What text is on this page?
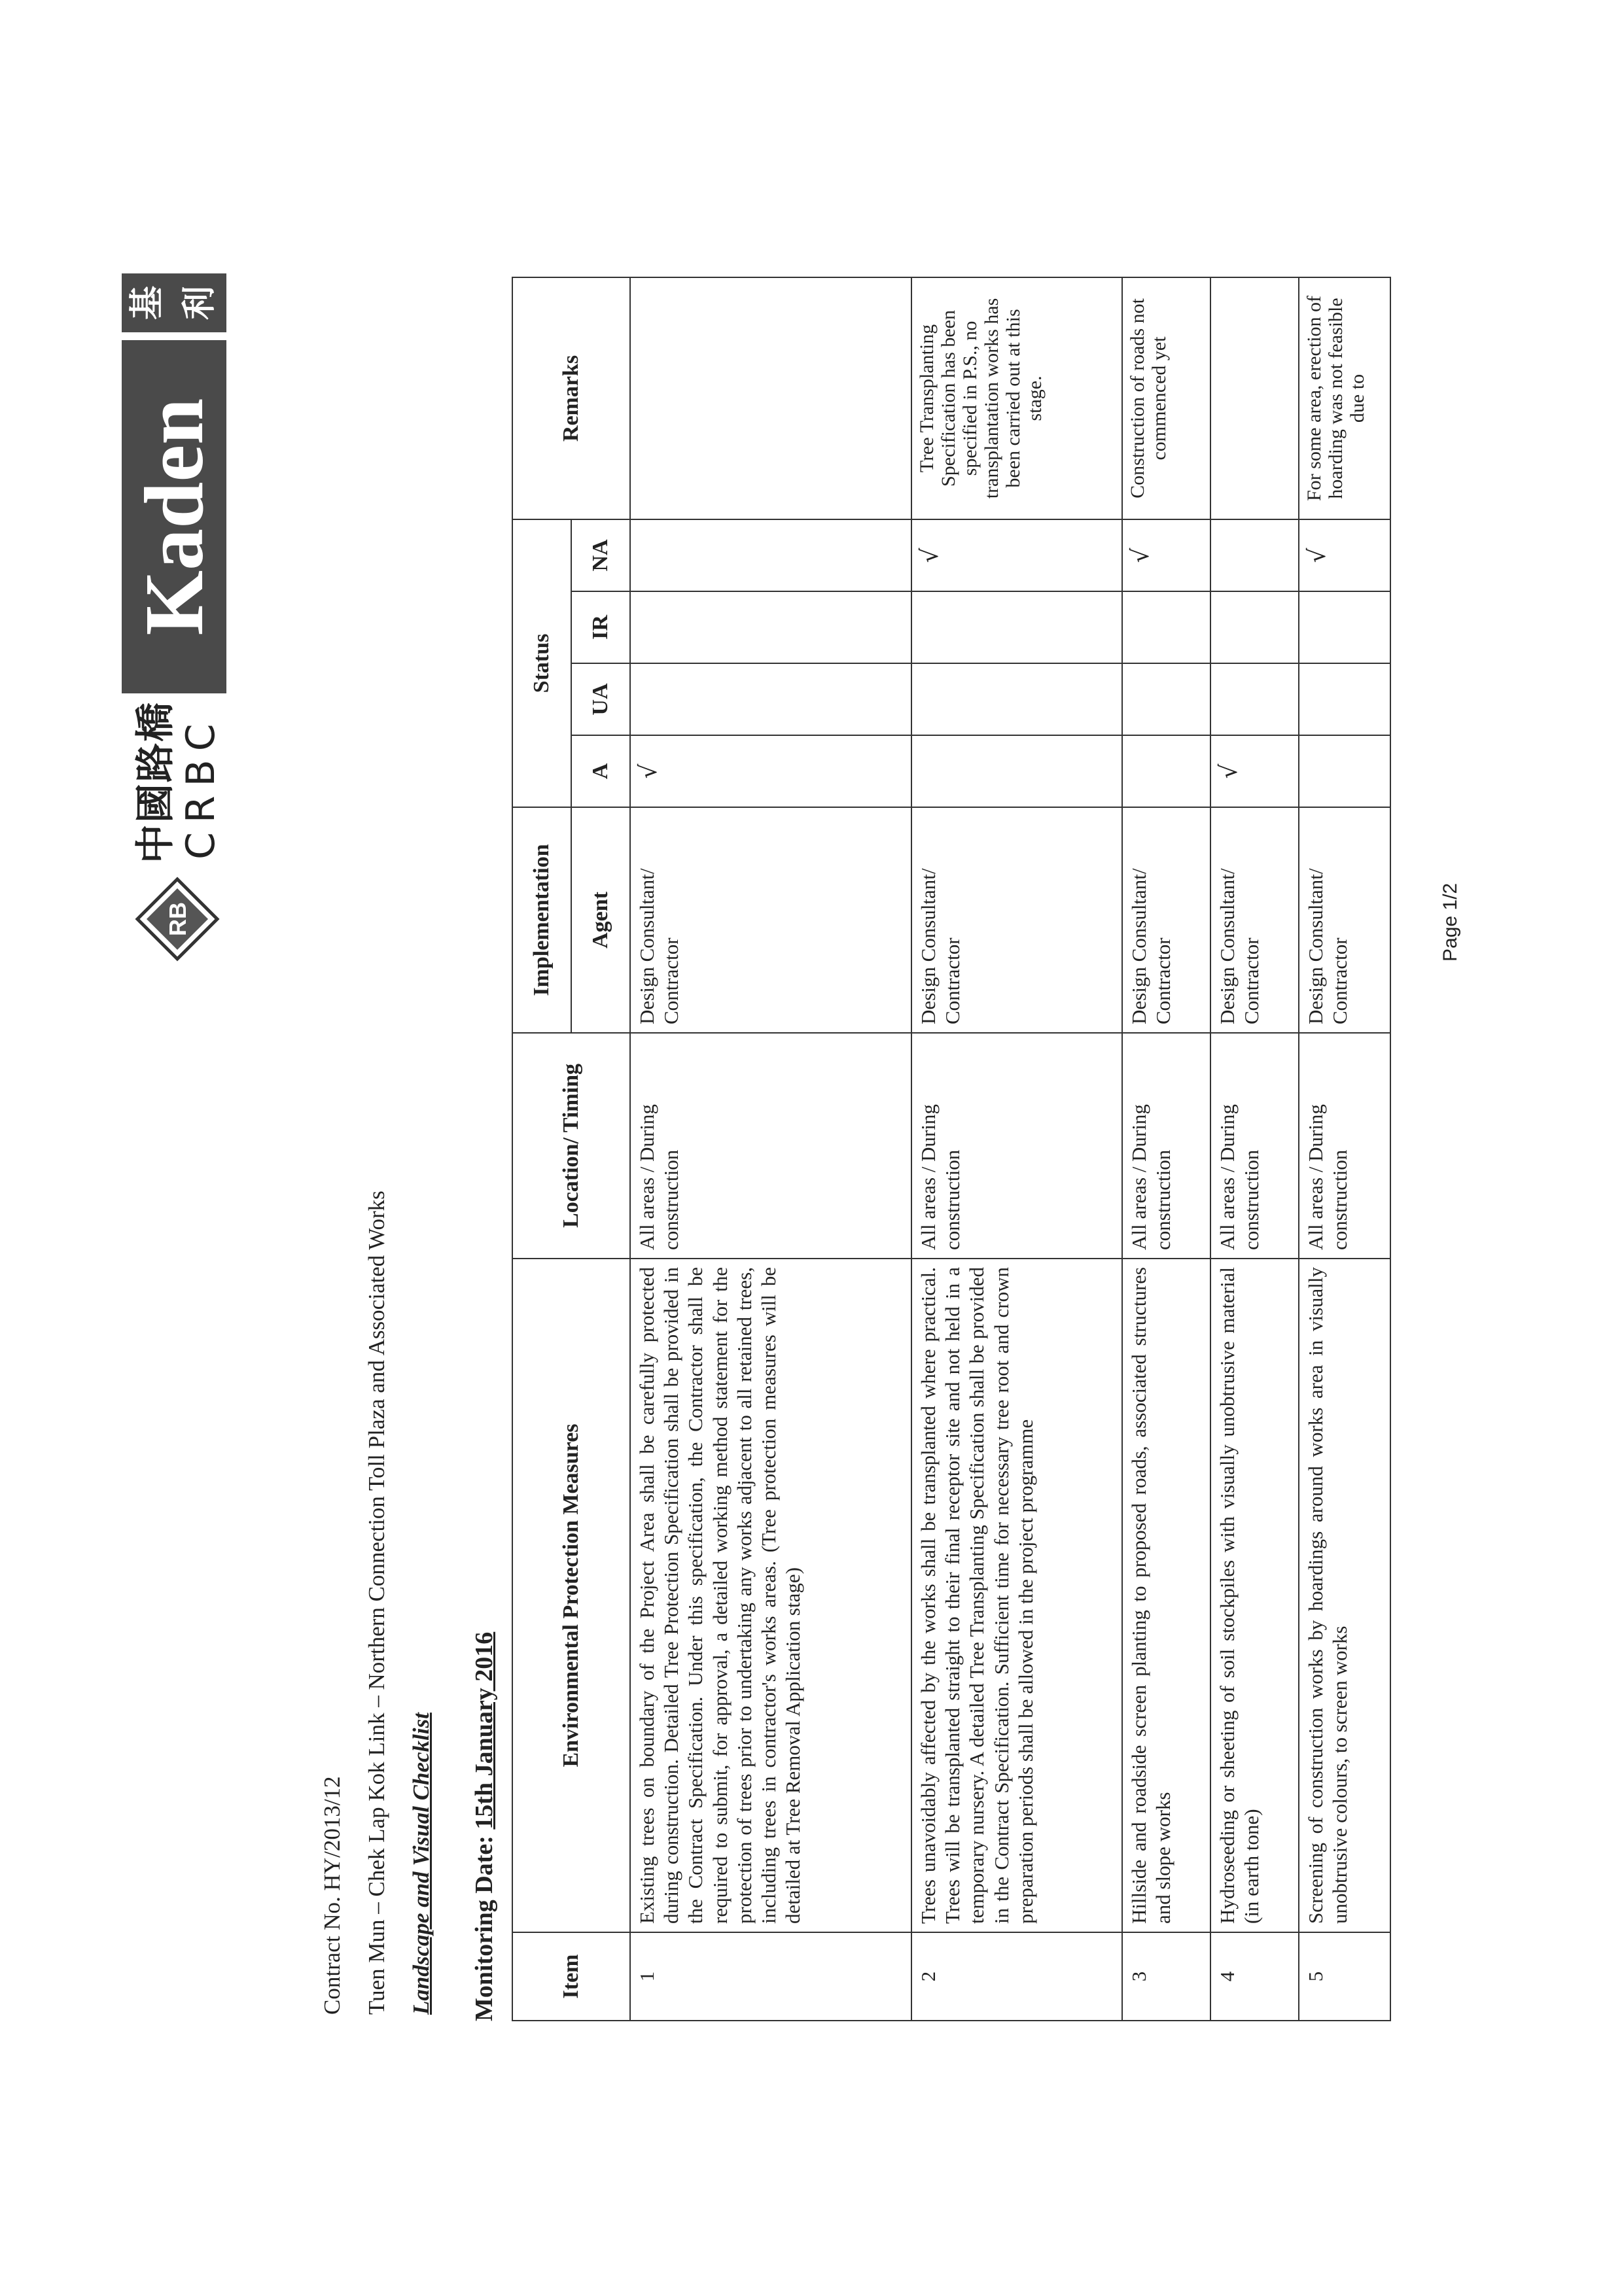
Contract No. HY/2013/12 Tuen Mun – Chek Lap Kok Link – Northern Connection Toll Plaza and Associated Works Landscape and Visual Checklist Monitoring Date: 15th January 2016
RB
中國路橋 CRBC
Kaden
基 利
Item	Environmental Protection Measures	Location/ Timing	Implementation	Status				Remarks
			Agent	A	UA	IR	NA	
1	Existing trees on boundary of the Project Area shall be carefully protected during construction. Detailed Tree Protection Specification shall be provided in the Contract Specification. Under this specification, the Contractor shall be required to submit, for approval, a detailed working method statement for the protection of trees prior to undertaking any works adjacent to all retained trees, including trees in contractor's works areas. (Tree protection measures will be detailed at Tree Removal Application stage)	All areas / During construction	Design Consultant/ Contractor	√				
2	Trees unavoidably affected by the works shall be transplanted where practical. Trees will be transplanted straight to their final receptor site and not held in a temporary nursery. A detailed Tree Transplanting Specification shall be provided in the Contract Specification. Sufficient time for necessary tree root and crown preparation periods shall be allowed in the project programme	All areas / During construction	Design Consultant/ Contractor				√	Tree Transplanting Specification has been specified in P.S., no transplantation works has been carried out at this stage.
3	Hillside and roadside screen planting to proposed roads, associated structures and slope works	All areas / During construction	Design Consultant/ Contractor				√	Construction of roads not commenced yet
4	Hydroseeding or sheeting of soil stockpiles with visually unobtrusive material (in earth tone)	All areas / During construction	Design Consultant/ Contractor	√				
5	Screening of construction works by hoardings around works area in visually unobtrusive colours, to screen works	All areas / During construction	Design Consultant/ Contractor				√	For some area, erection of hoarding was not feasible due to
Page 1/2
